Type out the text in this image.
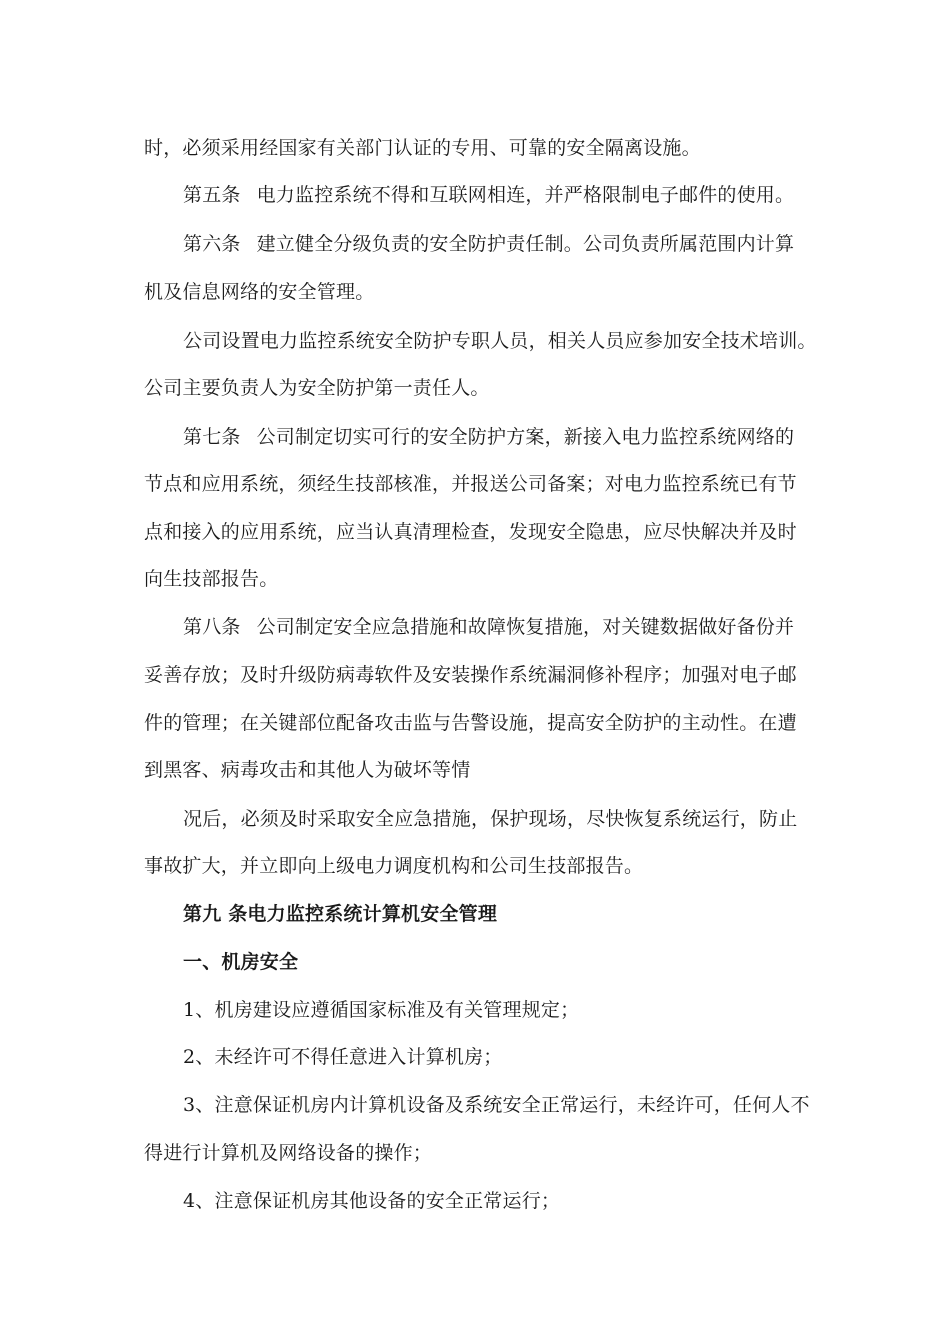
时，必须采用经国家有关部门认证的专用、可靠的安全隔离设施。
第五条 电力监控系统不得和互联网相连，并严格限制电子邮件的使用。
第六条 建立健全分级负责的安全防护责任制。公司负责所属范围内计算
机及信息网络的安全管理。
公司设置电力监控系统安全防护专职人员，相关人员应参加安全技术培训。
公司主要负责人为安全防护第一责任人。
第七条 公司制定切实可行的安全防护方案，新接入电力监控系统网络的
节点和应用系统，须经生技部核准，并报送公司备案；对电力监控系统已有节
点和接入的应用系统，应当认真清理检查，发现安全隐患，应尽快解决并及时
向生技部报告。
第八条 公司制定安全应急措施和故障恢复措施，对关键数据做好备份并
妥善存放；及时升级防病毒软件及安装操作系统漏洞修补程序；加强对电子邮
件的管理；在关键部位配备攻击监与告警设施，提高安全防护的主动性。在遭
到黑客、病毒攻击和其他人为破坏等情
况后，必须及时采取安全应急措施，保护现场，尽快恢复系统运行，防止
事故扩大，并立即向上级电力调度机构和公司生技部报告。
第九 条电力监控系统计算机安全管理
一、机房安全
1、机房建设应遵循国家标准及有关管理规定；
2、未经许可不得任意进入计算机房；
3、注意保证机房内计算机设备及系统安全正常运行，未经许可，任何人不
得进行计算机及网络设备的操作；
4、注意保证机房其他设备的安全正常运行；
